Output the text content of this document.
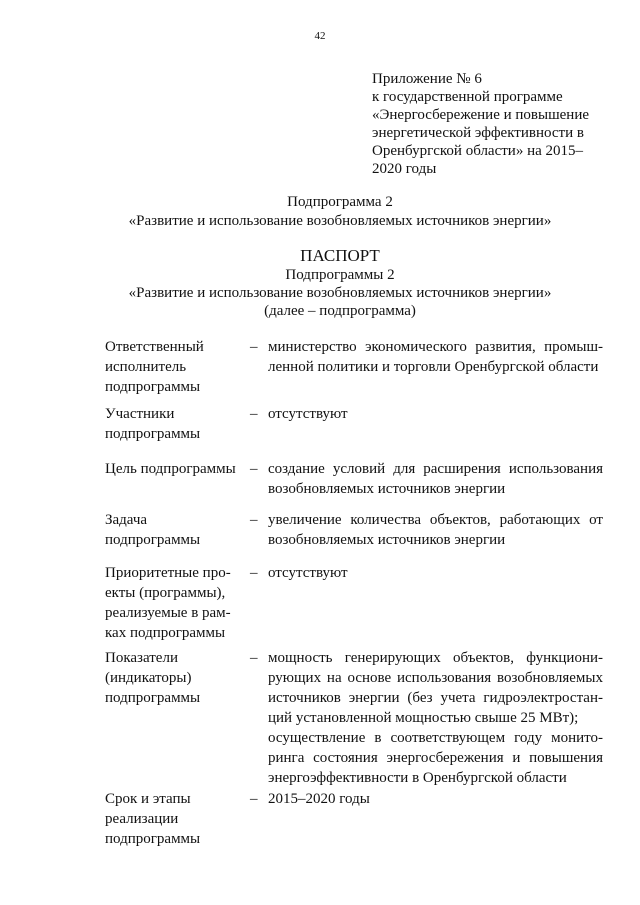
42
Приложение № 6
к государственной программе
«Энергосбережение и повышение
энергетической эффективности в
Оренбургской области» на 2015–
2020 годы
Подпрограмма 2
«Развитие и использование возобновляемых источников энергии»
ПАСПОРТ
Подпрограммы 2
«Развитие и использование возобновляемых источников энергии»
(далее – подпрограмма)
Ответственный
исполнитель
подпрограммы
– министерство экономического развития, промыш-
ленной политики и торговли Оренбургской области
Участники
подпрограммы
– отсутствуют
Цель подпрограммы – создание условий для расширения использования
возобновляемых источников энергии
Задача
подпрограммы
– увеличение количества объектов, работающих от
возобновляемых источников энергии
Приоритетные про-
екты (программы),
реализуемые в рам-
ках подпрограммы
– отсутствуют
Показатели
(индикаторы)
подпрограммы
– мощность генерирующих объектов, функциони-
рующих на основе использования возобновляемых
источников энергии (без учета гидроэлектростан-
ций установленной мощностью свыше 25 МВт);
осуществление в соответствующем году монито-
ринга состояния энергосбережения и повышения
энергоэффективности в Оренбургской области
Срок и этапы
реализации
подпрограммы
– 2015–2020 годы
